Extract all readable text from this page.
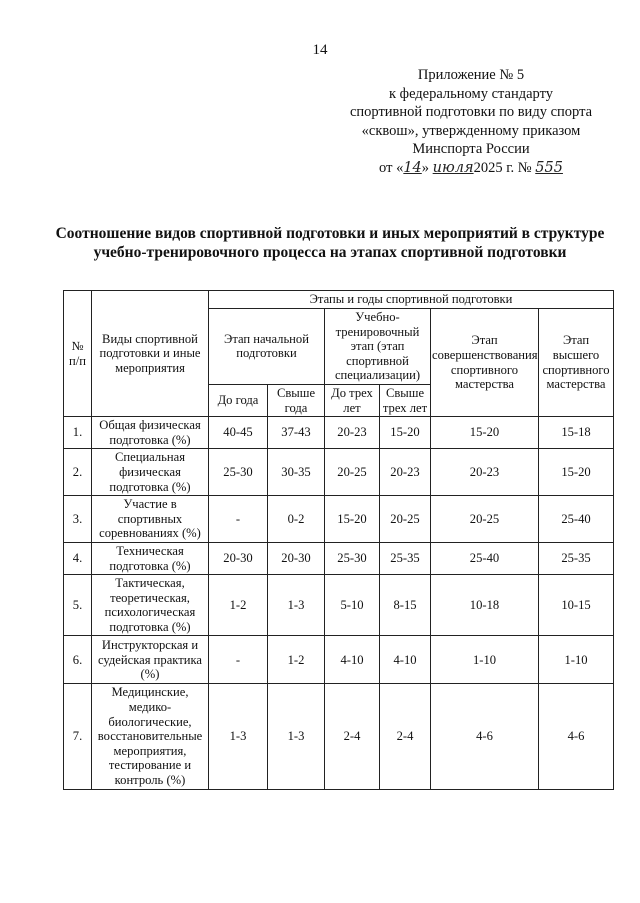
14
Приложение № 5
к федеральному стандарту
спортивной подготовки по виду спорта
«сквош», утвержденному приказом
Минспорта России
от «14» июля2025 г. № 555
Соотношение видов спортивной подготовки и иных мероприятий в структуре учебно-тренировочного процесса на этапах спортивной подготовки
№ п/п	Виды спортивной подготовки и иные мероприятия	Этапы и годы спортивной подготовки					
		Этап начальной подготовки		Учебно-тренировочный этап (этап спортивной специализации)		Этап совершенствования спортивного мастерства	Этап высшего спортивного мастерства
		До года	Свыше года	До трех лет	Свыше трех лет		
1.	Общая физическая подготовка (%)	40-45	37-43	20-23	15-20	15-20	15-18
2.	Специальная физическая подготовка (%)	25-30	30-35	20-25	20-23	20-23	15-20
3.	Участие в спортивных соревнованиях (%)	-	0-2	15-20	20-25	20-25	25-40
4.	Техническая подготовка (%)	20-30	20-30	25-30	25-35	25-40	25-35
5.	Тактическая, теоретическая, психологическая подготовка (%)	1-2	1-3	5-10	8-15	10-18	10-15
6.	Инструкторская и судейская практика (%)	-	1-2	4-10	4-10	1-10	1-10
7.	Медицинские, медико-биологические, восстановительные мероприятия, тестирование и контроль (%)	1-3	1-3	2-4	2-4	4-6	4-6
